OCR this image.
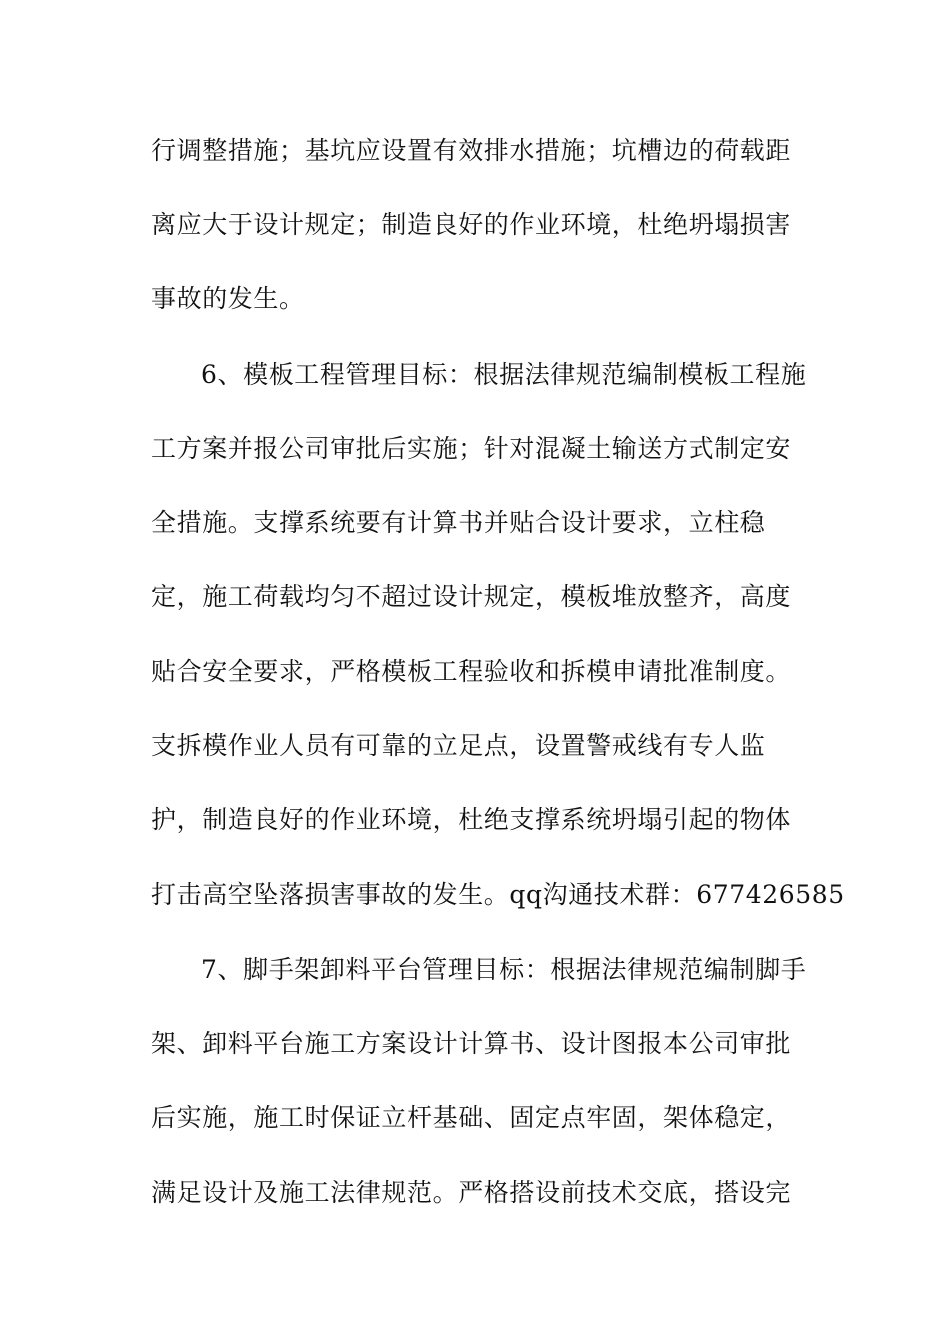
行调整措施；基坑应设置有效排水措施；坑槽边的荷载距
离应大于设计规定；制造良好的作业环境，杜绝坍塌损害
事故的发生。
6、模板工程管理目标：根据法律规范编制模板工程施
工方案并报公司审批后实施；针对混凝土输送方式制定安
全措施。支撑系统要有计算书并贴合设计要求，立柱稳
定，施工荷载均匀不超过设计规定，模板堆放整齐，高度
贴合安全要求，严格模板工程验收和拆模申请批准制度。
支拆模作业人员有可靠的立足点，设置警戒线有专人监
护，制造良好的作业环境，杜绝支撑系统坍塌引起的物体
打击高空坠落损害事故的发生。qq沟通技术群：677426585
7、脚手架卸料平台管理目标：根据法律规范编制脚手
架、卸料平台施工方案设计计算书、设计图报本公司审批
后实施，施工时保证立杆基础、固定点牢固，架体稳定，
满足设计及施工法律规范。严格搭设前技术交底，搭设完
